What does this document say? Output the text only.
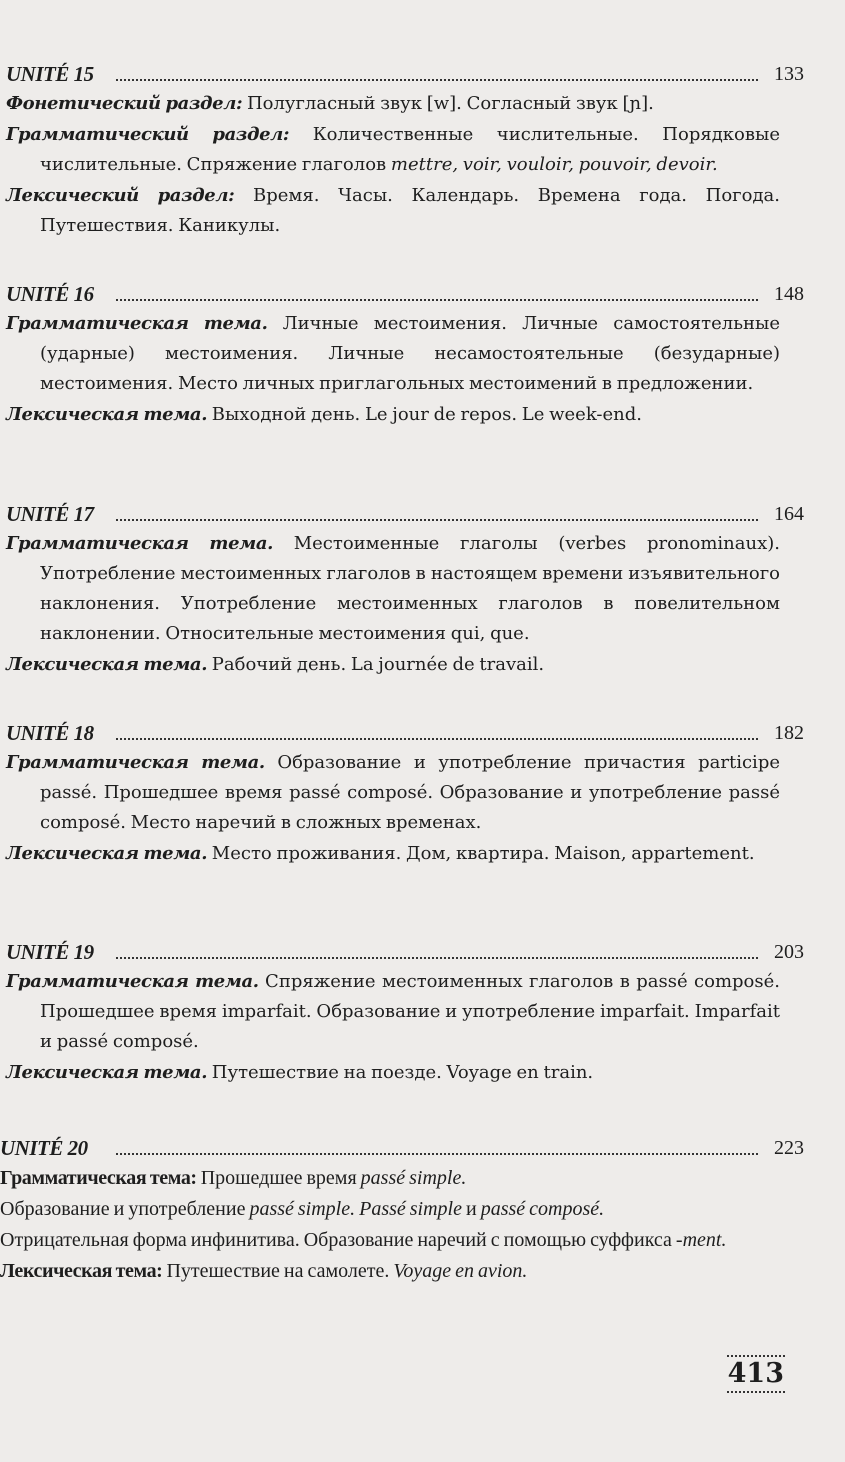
UNITÉ 15	133
Фонетический раздел: Полугласный звук [w]. Согласный звук [ɲ].
Грамматический раздел: Количественные числительные. Порядковые числительные. Спряжение глаголов mettre, voir, vouloir, pouvoir, devoir.
Лексический раздел: Время. Часы. Календарь. Времена года. Погода. Путешествия. Каникулы.
UNITÉ 16	148
Грамматическая тема. Личные местоимения. Личные самостоятельные (ударные) местоимения. Личные несамостоятельные (безударные) местоимения. Место личных приглагольных местоимений в предложении.
Лексическая тема. Выходной день. Le jour de repos. Le week-end.
UNITÉ 17	164
Грамматическая тема. Местоименные глаголы (verbes pronominaux). Употребление местоименных глаголов в настоящем времени изъявительного наклонения. Употребление местоименных глаголов в повелительном наклонении. Относительные местоимения qui, que.
Лексическая тема. Рабочий день. La journée de travail.
UNITÉ 18	182
Грамматическая тема. Образование и употребление причастия participe passé. Прошедшее время passé composé. Образование и употребление passé composé. Место наречий в сложных временах.
Лексическая тема. Место проживания. Дом, квартира. Maison, appartement.
UNITÉ 19	203
Грамматическая тема. Спряжение местоименных глаголов в passé composé. Прошедшее время imparfait. Образование и употребление imparfait. Imparfait и passé composé.
Лексическая тема. Путешествие на поезде. Voyage en train.
UNITÉ 20	223
Грамматическая тема: Прошедшее время passé simple.
Образование и употребление passé simple. Passé simple и passé composé.
Отрицательная форма инфинитива. Образование наречий с помощью суффикса -ment.
Лексическая тема: Путешествие на самолете. Voyage en avion.
413
